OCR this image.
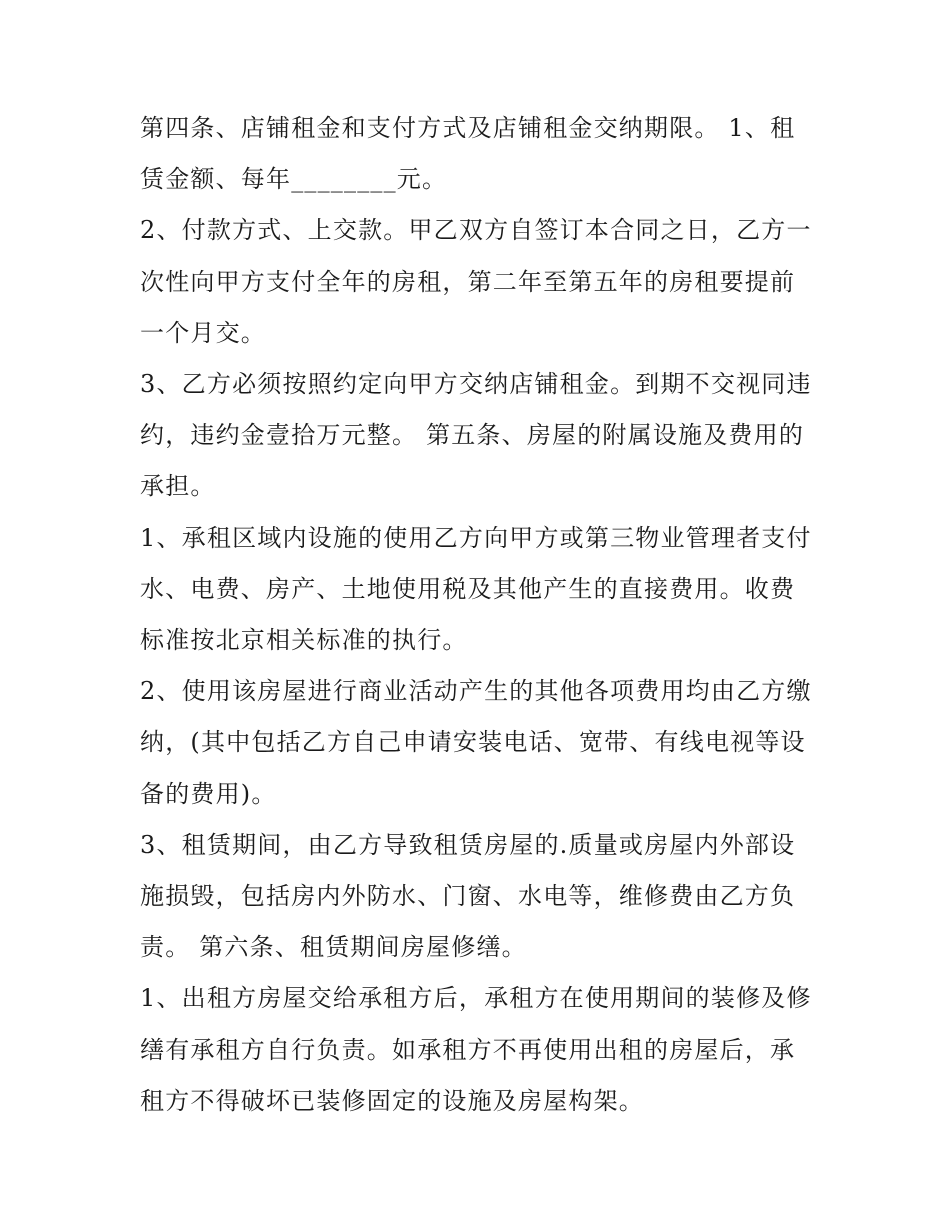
第四条、店铺租金和支付方式及店铺租金交纳期限。 1、租赁金额、每年________元。

2、付款方式、上交款。甲乙双方自签订本合同之日，乙方一次性向甲方支付全年的房租，第二年至第五年的房租要提前一个月交。

3、乙方必须按照约定向甲方交纳店铺租金。到期不交视同违约，违约金壹拾万元整。 第五条、房屋的附属设施及费用的承担。

1、承租区域内设施的使用乙方向甲方或第三物业管理者支付水、电费、房产、土地使用税及其他产生的直接费用。收费标准按北京相关标准的执行。

2、使用该房屋进行商业活动产生的其他各项费用均由乙方缴纳，(其中包括乙方自己申请安装电话、宽带、有线电视等设备的费用)。

3、租赁期间，由乙方导致租赁房屋的.质量或房屋内外部设施损毁，包括房内外防水、门窗、水电等，维修费由乙方负责。 第六条、租赁期间房屋修缮。

1、出租方房屋交给承租方后，承租方在使用期间的装修及修缮有承租方自行负责。如承租方不再使用出租的房屋后，承租方不得破坏已装修固定的设施及房屋构架。
